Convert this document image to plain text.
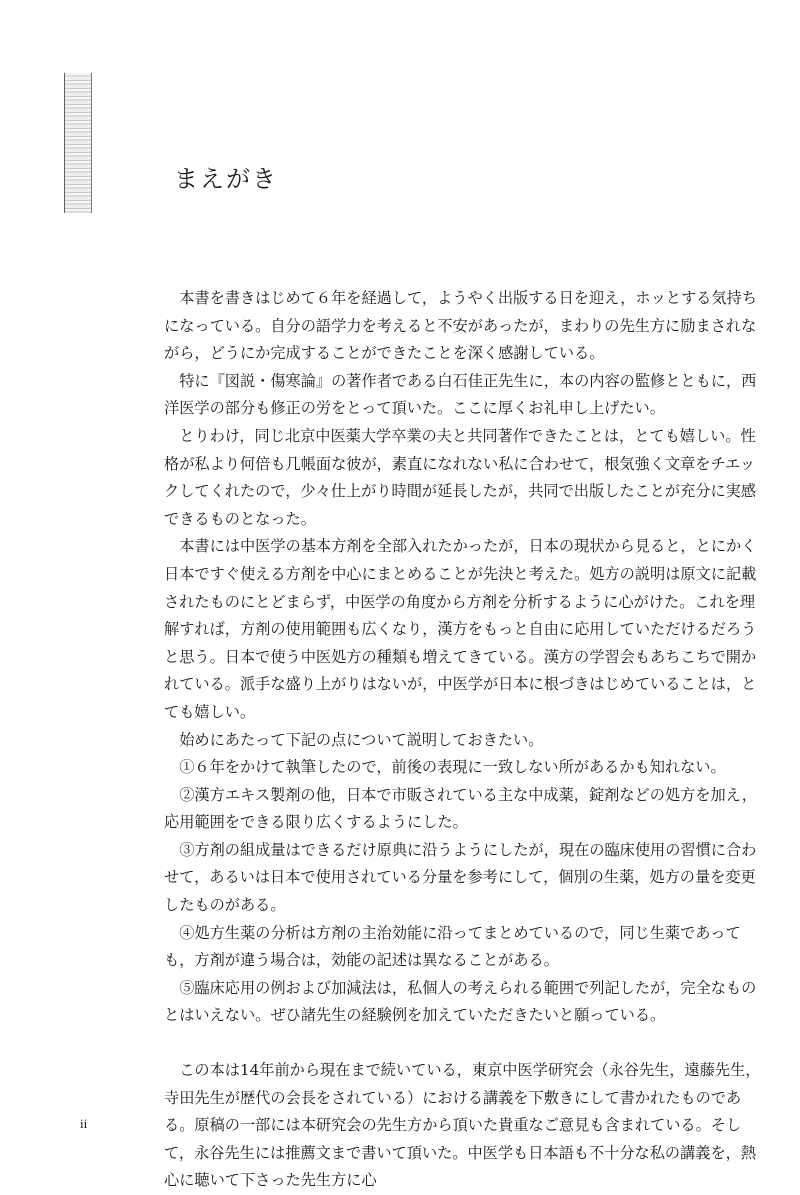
まえがき

本書を書きはじめて６年を経過して，ようやく出版する日を迎え，ホッとする気持ちになっている。自分の語学力を考えると不安があったが，まわりの先生方に励まされながら，どうにか完成することができたことを深く感謝している。

特に『図説・傷寒論』の著作者である白石佳正先生に，本の内容の監修とともに，西洋医学の部分も修正の労をとって頂いた。ここに厚くお礼申し上げたい。

とりわけ，同じ北京中医薬大学卒業の夫と共同著作できたことは，とても嬉しい。性格が私より何倍も几帳面な彼が，素直になれない私に合わせて，根気強く文章をチエックしてくれたので，少々仕上がり時間が延長したが，共同で出版したことが充分に実感できるものとなった。

本書には中医学の基本方剤を全部入れたかったが，日本の現状から見ると，とにかく日本ですぐ使える方剤を中心にまとめることが先決と考えた。処方の説明は原文に記載されたものにとどまらず，中医学の角度から方剤を分析するように心がけた。これを理解すれば，方剤の使用範囲も広くなり，漢方をもっと自由に応用していただけるだろうと思う。日本で使う中医処方の種類も増えてきている。漢方の学習会もあちこちで開かれている。派手な盛り上がりはないが，中医学が日本に根づきはじめていることは，とても嬉しい。

始めにあたって下記の点について説明しておきたい。

①６年をかけて執筆したので，前後の表現に一致しない所があるかも知れない。

②漢方エキス製剤の他，日本で市販されている主な中成薬，錠剤などの処方を加え，応用範囲をできる限り広くするようにした。

③方剤の組成量はできるだけ原典に沿うようにしたが，現在の臨床使用の習慣に合わせて，あるいは日本で使用されている分量を参考にして，個別の生薬，処方の量を変更したものがある。

④処方生薬の分析は方剤の主治効能に沿ってまとめているので，同じ生薬であっても，方剤が違う場合は，効能の記述は異なることがある。

⑤臨床応用の例および加減法は，私個人の考えられる範囲で列記したが，完全なものとはいえない。ぜひ諸先生の経験例を加えていただきたいと願っている。

この本は14年前から現在まで続いている，東京中医学研究会（永谷先生，遠藤先生，寺田先生が歴代の会長をされている）における講義を下敷きにして書かれたものである。原稿の一部には本研究会の先生方から頂いた貴重なご意見も含まれている。そして，永谷先生には推薦文まで書いて頂いた。中医学も日本語も不十分な私の講義を，熱心に聴いて下さった先生方に心

ii
